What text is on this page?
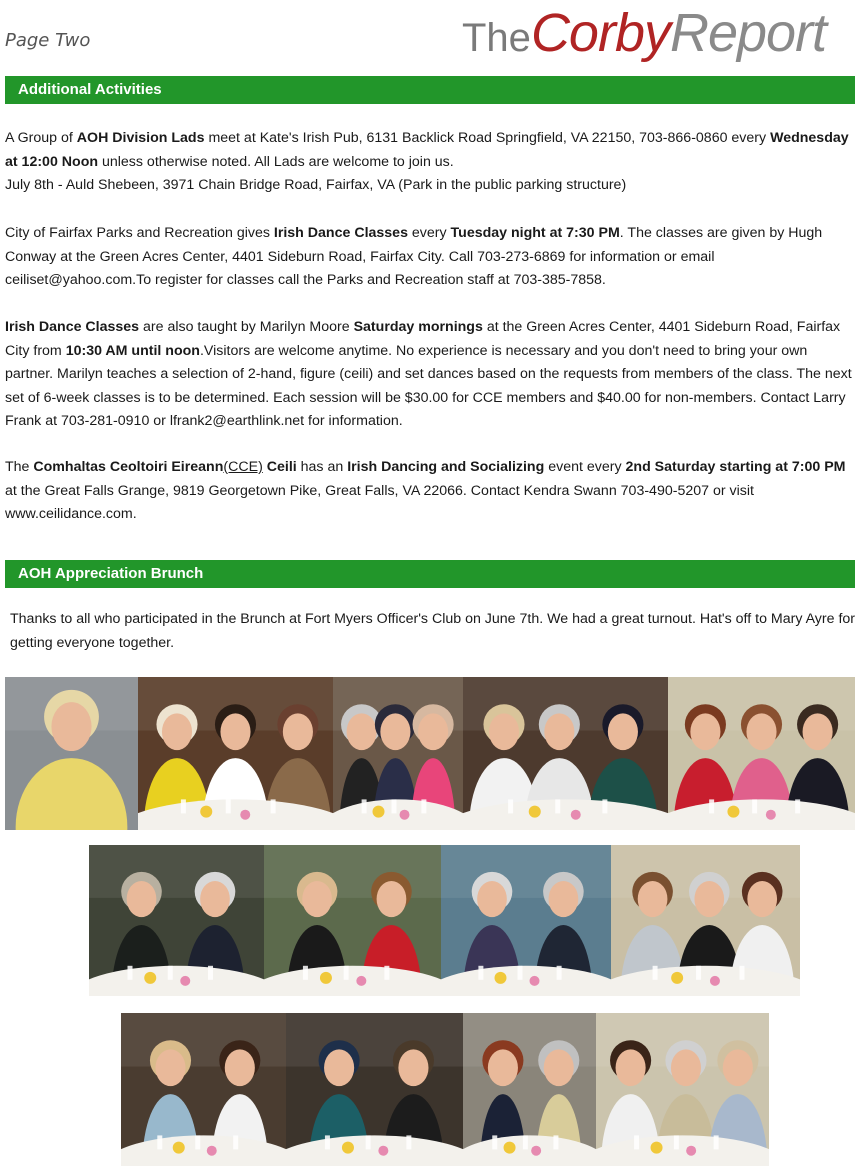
Page Two	TheCorbyReport
Additional Activities

A Group of AOH Division Lads meet at Kate's Irish Pub, 6131 Backlick Road Springfield, VA 22150, 703-866-0860 every Wednesday at 12:00 Noon unless otherwise noted. All Lads are welcome to join us.
July 8th - Auld Shebeen, 3971 Chain Bridge Road, Fairfax, VA (Park in the public parking structure)

City of Fairfax Parks and Recreation gives Irish Dance Classes every Tuesday night at 7:30 PM. The classes are given by Hugh Conway at the Green Acres Center, 4401 Sideburn Road, Fairfax City. Call 703-273-6869 for information or email ceiliset@yahoo.com.To register for classes call the Parks and Recreation staff at 703-385-7858.

Irish Dance Classes are also taught by Marilyn Moore Saturday mornings at the Green Acres Center, 4401 Sideburn Road, Fairfax City from 10:30 AM until noon.Visitors are welcome anytime. No experience is necessary and you don't need to bring your own partner. Marilyn teaches a selection of 2-hand, figure (ceili) and set dances based on the requests from members of the class. The next set of 6-week classes is to be determined. Each session will be $30.00 for CCE members and $40.00 for non-members. Contact Larry Frank at 703-281-0910 or lfrank2@earthlink.net for information.

The Comhaltas Ceoltoiri Eireann(CCE) Ceili has an Irish Dancing and Socializing event every 2nd Saturday starting at 7:00 PM at the Great Falls Grange, 9819 Georgetown Pike, Great Falls, VA 22066. Contact Kendra Swann 703-490-5207 or visit www.ceilidance.com.

AOH Appreciation Brunch

Thanks to all who participated in the Brunch at Fort Myers Officer's Club on June 7th. We had a great turnout. Hat's off to Mary Ayre for getting everyone together.
